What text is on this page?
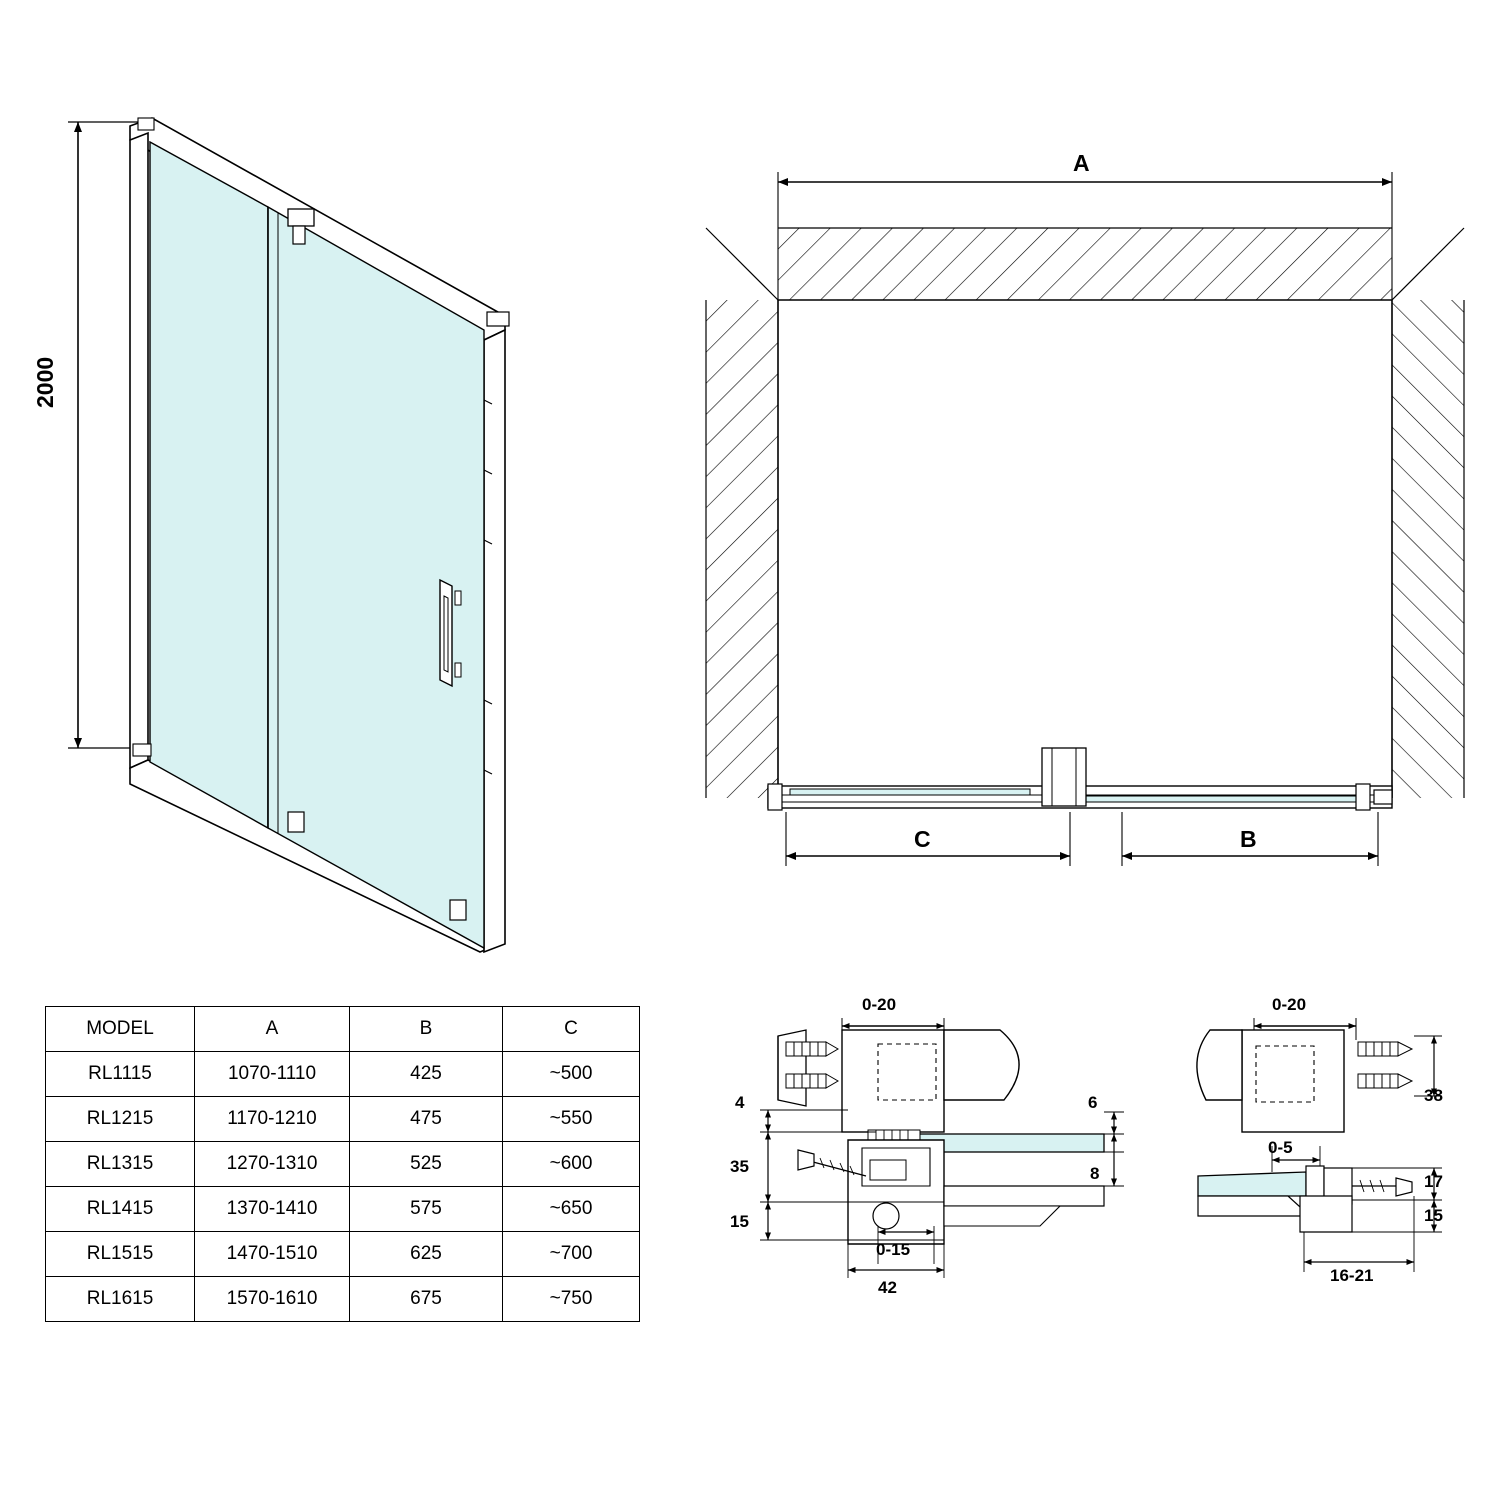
2000
A
C	B
0-20
4
35
15
6
8
0-15
42
0-20
38
0-5
17
15
16-21
MODEL	A	B	C
RL1115	1070-1110	425	~500
RL1215	1170-1210	475	~550
RL1315	1270-1310	525	~600
RL1415	1370-1410	575	~650
RL1515	1470-1510	625	~700
RL1615	1570-1610	675	~750
